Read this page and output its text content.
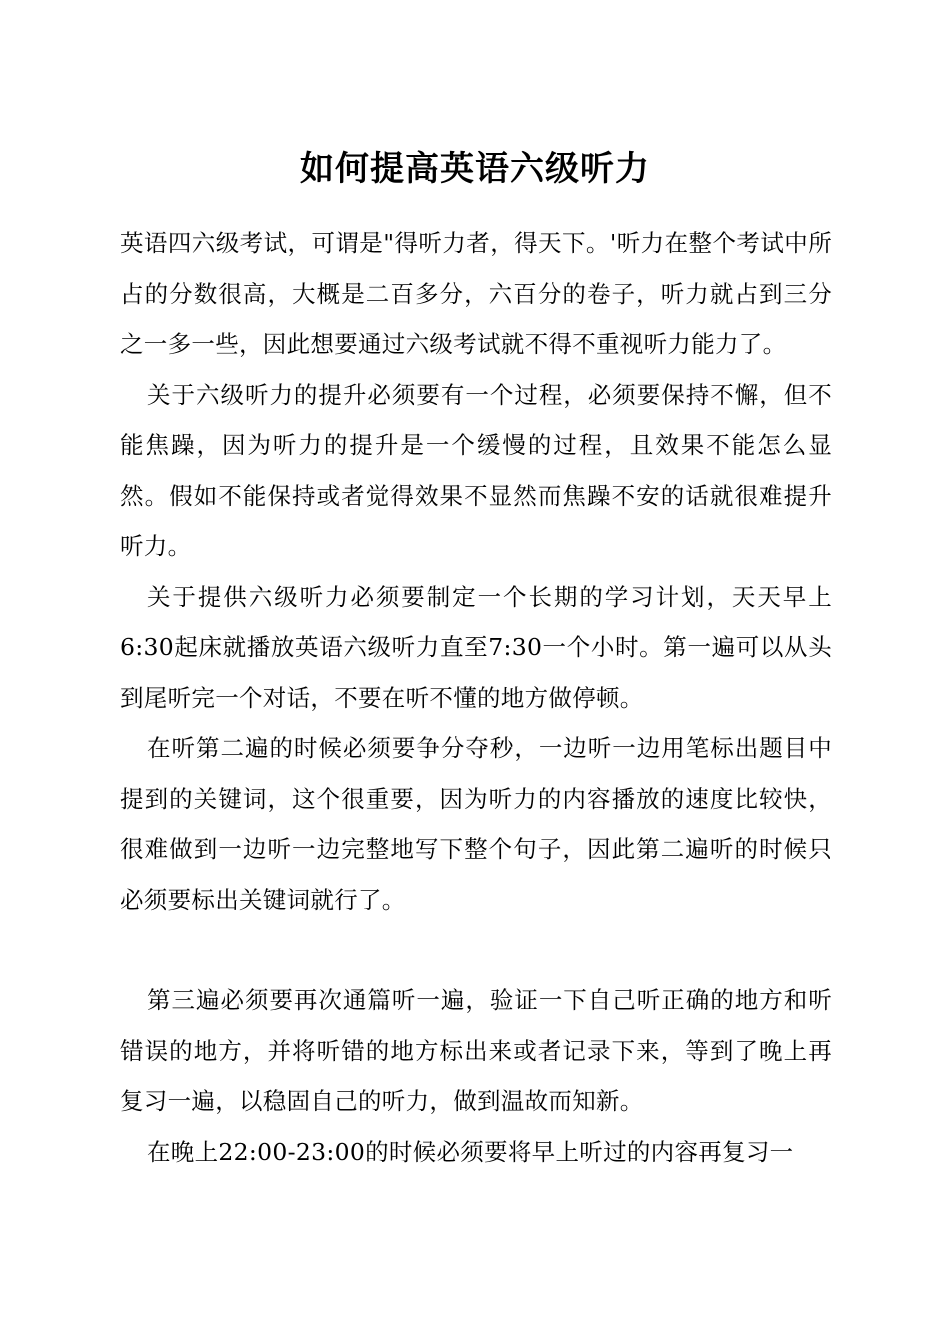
如何提高英语六级听力

英语四六级考试，可谓是"得听力者，得天下。'听力在整个考试中所占的分数很高，大概是二百多分，六百分的卷子，听力就占到三分之一多一些，因此想要通过六级考试就不得不重视听力能力了。

关于六级听力的提升必须要有一个过程，必须要保持不懈，但不能焦躁，因为听力的提升是一个缓慢的过程，且效果不能怎么显然。假如不能保持或者觉得效果不显然而焦躁不安的话就很难提升听力。

关于提供六级听力必须要制定一个长期的学习计划，天天早上6:30起床就播放英语六级听力直至7:30一个小时。第一遍可以从头到尾听完一个对话，不要在听不懂的地方做停顿。

在听第二遍的时候必须要争分夺秒，一边听一边用笔标出题目中提到的关键词，这个很重要，因为听力的内容播放的速度比较快，很难做到一边听一边完整地写下整个句子，因此第二遍听的时候只必须要标出关键词就行了。

第三遍必须要再次通篇听一遍，验证一下自己听正确的地方和听错误的地方，并将听错的地方标出来或者记录下来，等到了晚上再复习一遍，以稳固自己的听力，做到温故而知新。

在晚上22:00-23:00的时候必须要将早上听过的内容再复习一
